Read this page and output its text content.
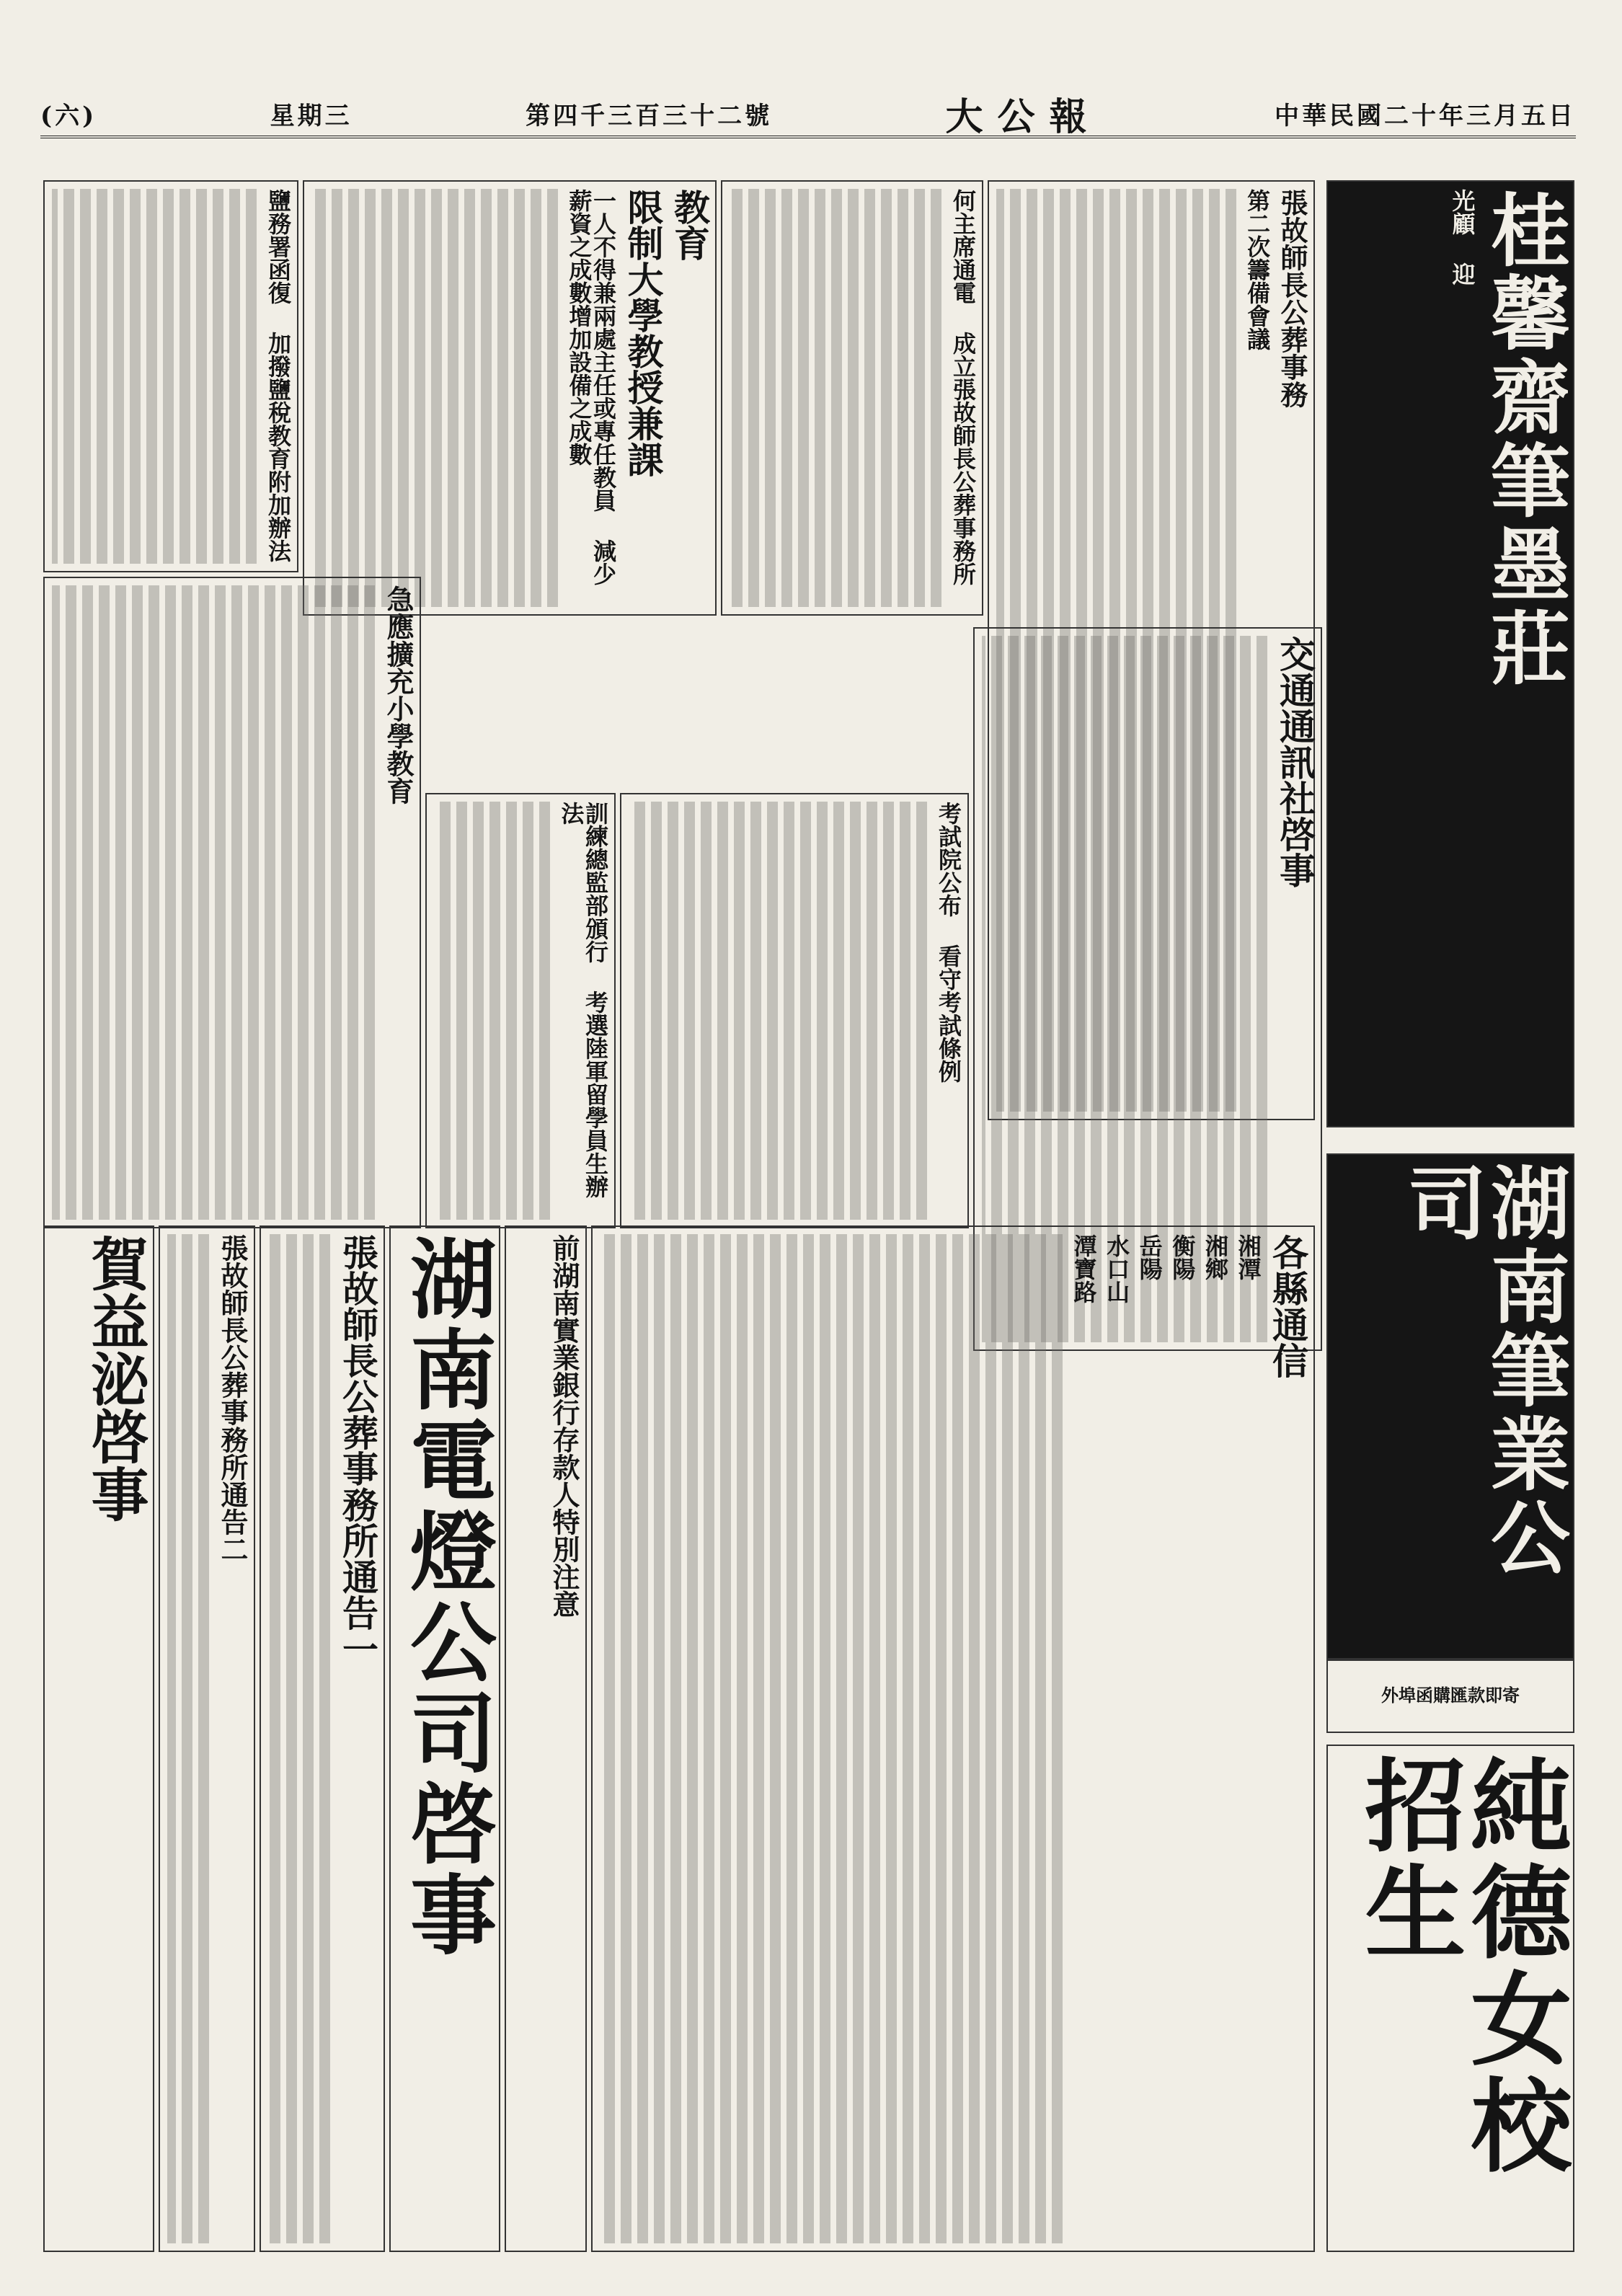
中華民國二十年三月五日
大公報
第四千三百三十二號
星期三
(六)
桂馨齋筆墨莊
光顧 迎
湖南筆業公司
外埠函購匯款即寄
純德女校招生
張故師長公葬事務
第二次籌備會議
交通通訊社啓事
何主席通電 成立張故師長公葬事務所
教育
限制大學教授兼課
一人不得兼兩處主任或專任教員 減少薪資之成數增加設備之成數
鹽務署函復 加撥鹽稅教育附加辦法
急應擴充小學教育
訓練總監部頒行 考選陸軍留學員生辦法	考試院公布 看守考試條例
各縣通信
湘潭
湘鄉
衡陽
岳陽
水口山
潭寶路
前湖南實業銀行存款人特別注意
湖南電燈公司啓事
張故師長公葬事務所通告一
張故師長公葬事務所通告二
賀益泌啓事
